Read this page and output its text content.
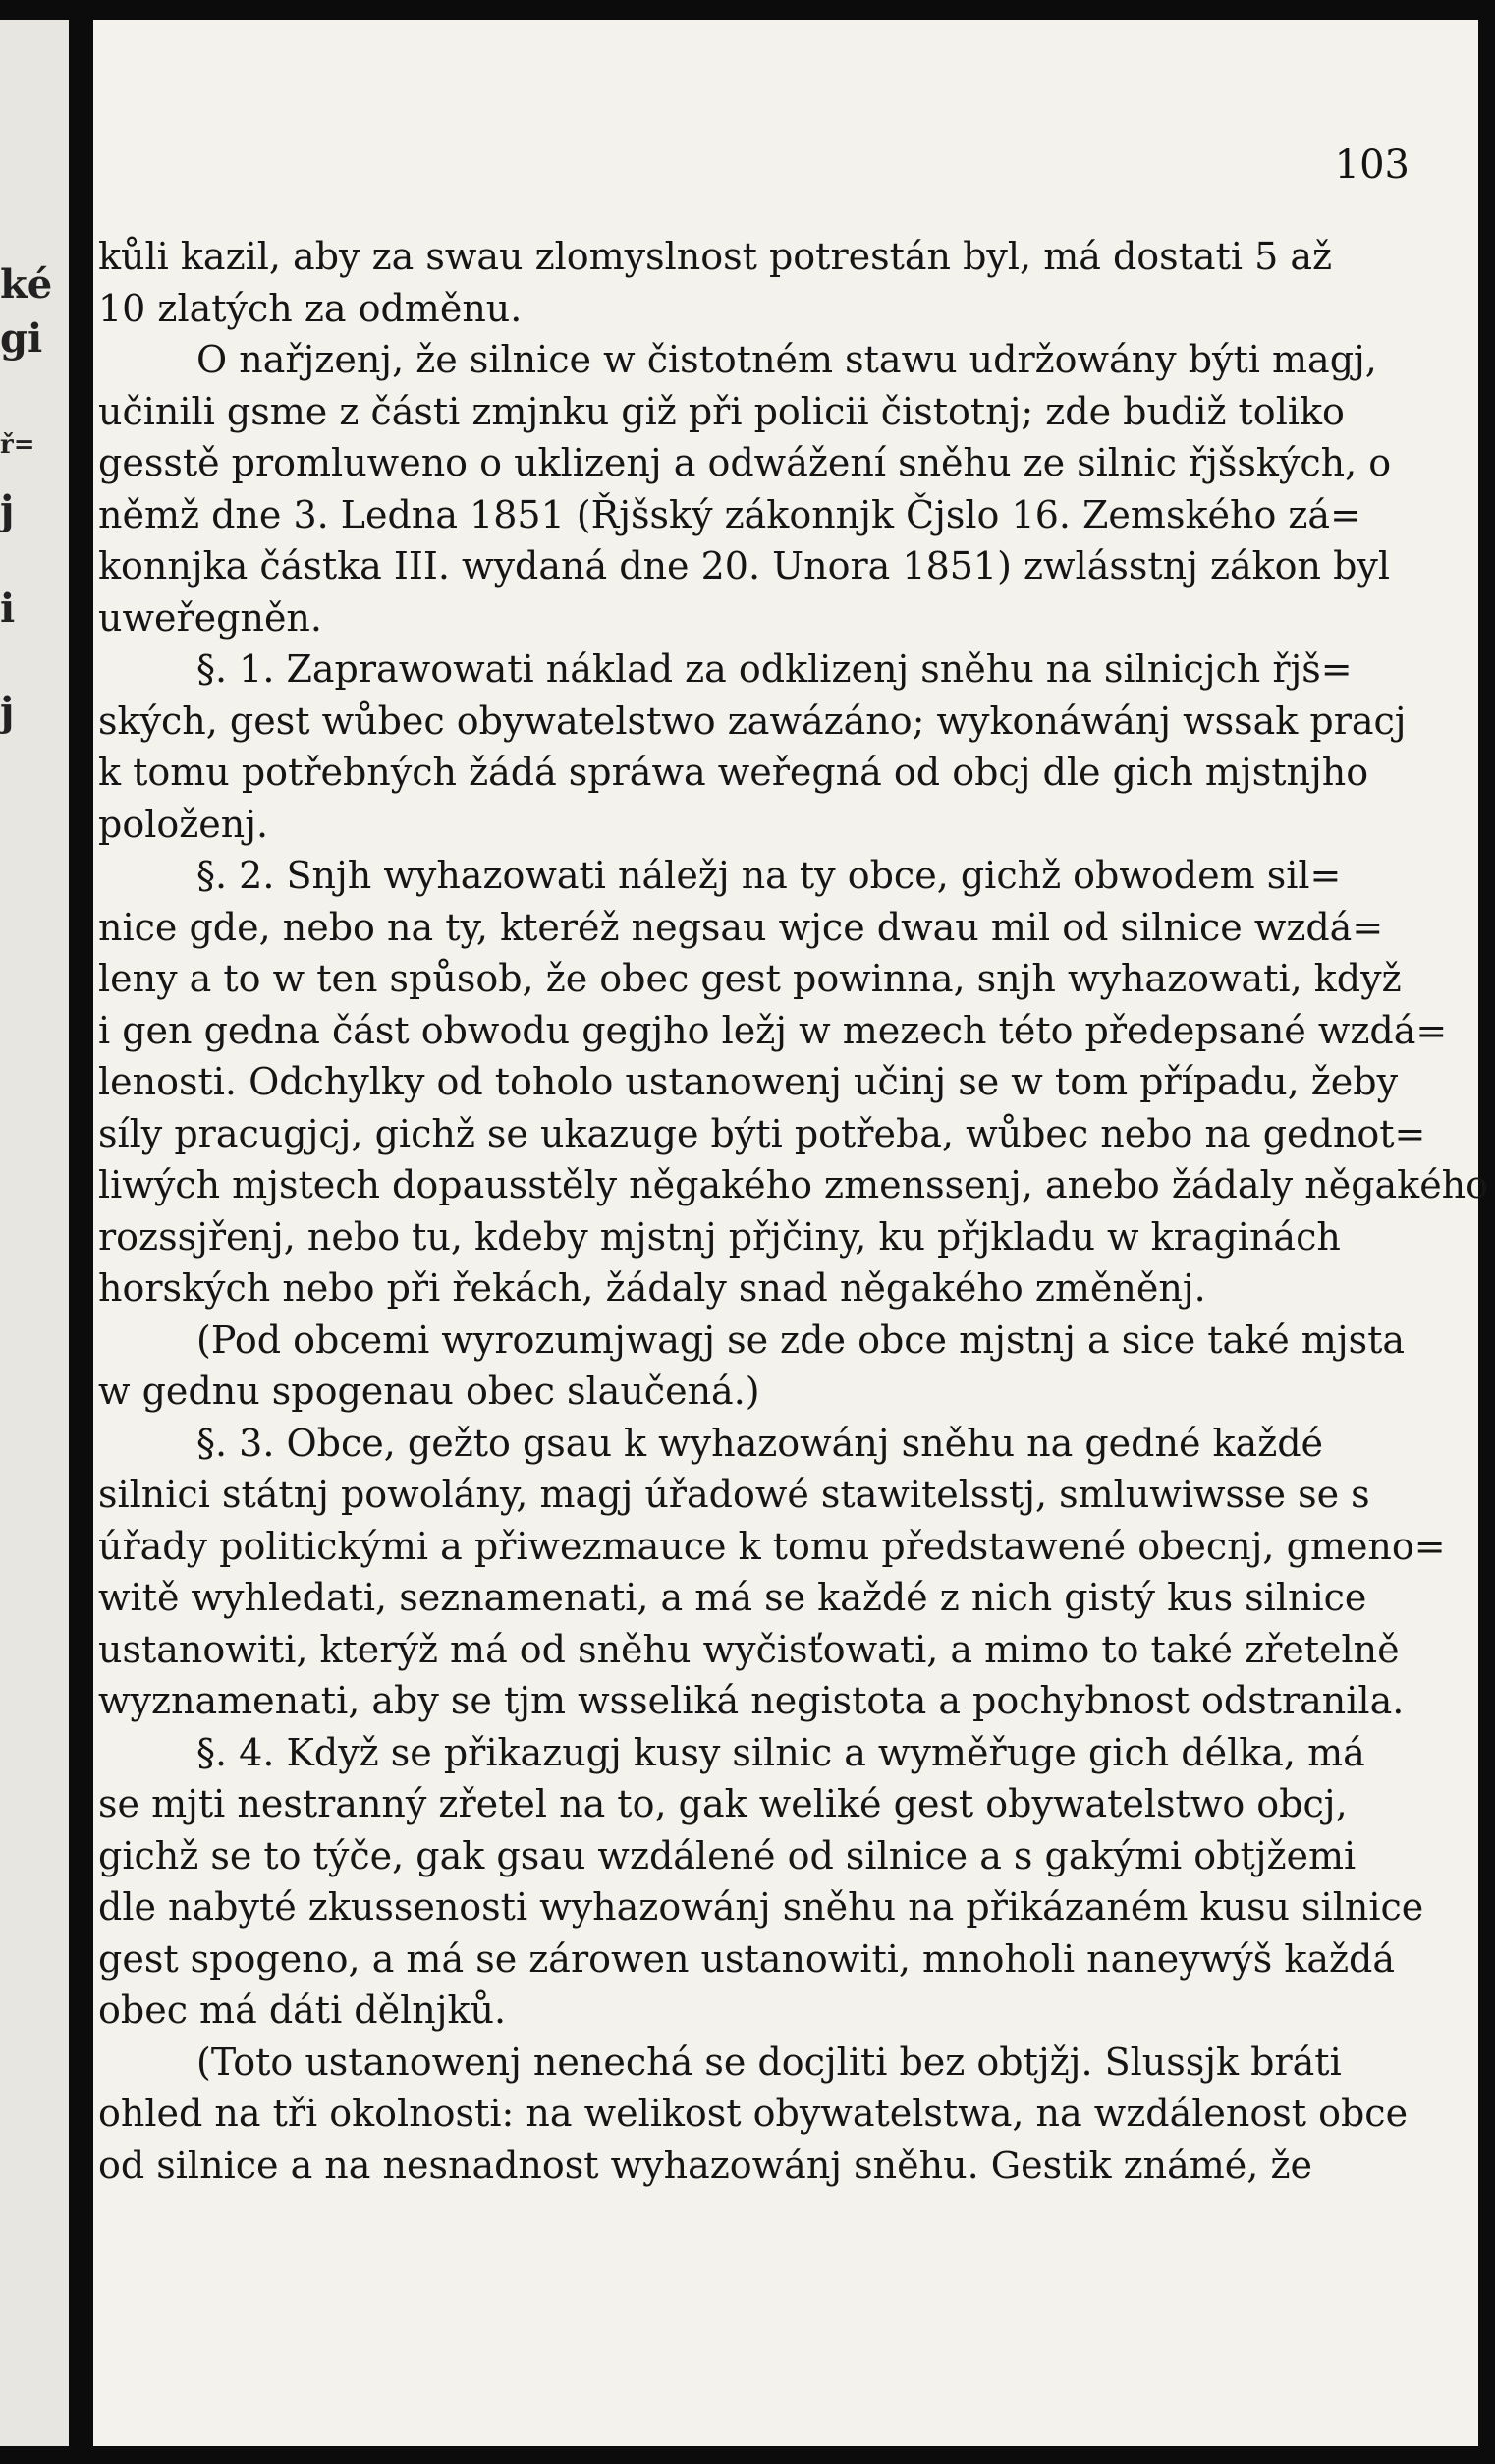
ké
gi
ř=
j
i
j
103
kůli kazil, aby za swau zlomyslnost potrestán byl, má dostati 5 až
10 zlatých za odměnu.
O nařjzenj, že silnice w čistotném stawu udržowány býti magj,
učinili gsme z části zmjnku giž při policii čistotnj; zde budiž toliko
gesstě promluweno o uklizenj a odwážení sněhu ze silnic řjšských, o
němž dne 3. Ledna 1851 (Řjšský zákonnjk Čjslo 16. Zemského zá=
konnjka částka III. wydaná dne 20. Unora 1851) zwlásstnj zákon byl
uweřegněn.
§. 1. Zaprawowati náklad za odklizenj sněhu na silnicjch řjš=
ských, gest wůbec obywatelstwo zawázáno; wykonáwánj wssak pracj
k tomu potřebných žádá spráwa weřegná od obcj dle gich mjstnjho
položenj.
§. 2. Snjh wyhazowati náležj na ty obce, gichž obwodem sil=
nice gde, nebo na ty, kteréž negsau wjce dwau mil od silnice wzdá=
leny a to w ten spůsob, že obec gest powinna, snjh wyhazowati, když
i gen gedna část obwodu gegjho ležj w mezech této předepsané wzdá=
lenosti. Odchylky od toholo ustanowenj učinj se w tom případu, žeby
síly pracugjcj, gichž se ukazuge býti potřeba, wůbec nebo na gednot=
liwých mjstech dopausstěly něgakého zmenssenj, anebo žádaly něgakého
rozssjřenj, nebo tu, kdeby mjstnj přjčiny, ku přjkladu w kraginách
horských nebo při řekách, žádaly snad něgakého změněnj.
(Pod obcemi wyrozumjwagj se zde obce mjstnj a sice také mjsta
w gednu spogenau obec slaučená.)
§. 3. Obce, gežto gsau k wyhazowánj sněhu na gedné každé
silnici státnj powolány, magj úřadowé stawitelsstj, smluwiwsse se s
úřady politickými a přiwezmauce k tomu předstawené obecnj, gmeno=
witě wyhledati, seznamenati, a má se každé z nich gistý kus silnice
ustanowiti, kterýž má od sněhu wyčisťowati, a mimo to také zřetelně
wyznamenati, aby se tjm wsseliká negistota a pochybnost odstranila.
§. 4. Když se přikazugj kusy silnic a wyměřuge gich délka, má
se mjti nestranný zřetel na to, gak weliké gest obywatelstwo obcj,
gichž se to týče, gak gsau wzdálené od silnice a s gakými obtjžemi
dle nabyté zkussenosti wyhazowánj sněhu na přikázaném kusu silnice
gest spogeno, a má se zárowen ustanowiti, mnoholi naneywýš každá
obec má dáti dělnjků.
(Toto ustanowenj nenechá se docjliti bez obtjžj. Slussjk bráti
ohled na tři okolnosti: na welikost obywatelstwa, na wzdálenost obce
od silnice a na nesnadnost wyhazowánj sněhu. Gestik známé, že
